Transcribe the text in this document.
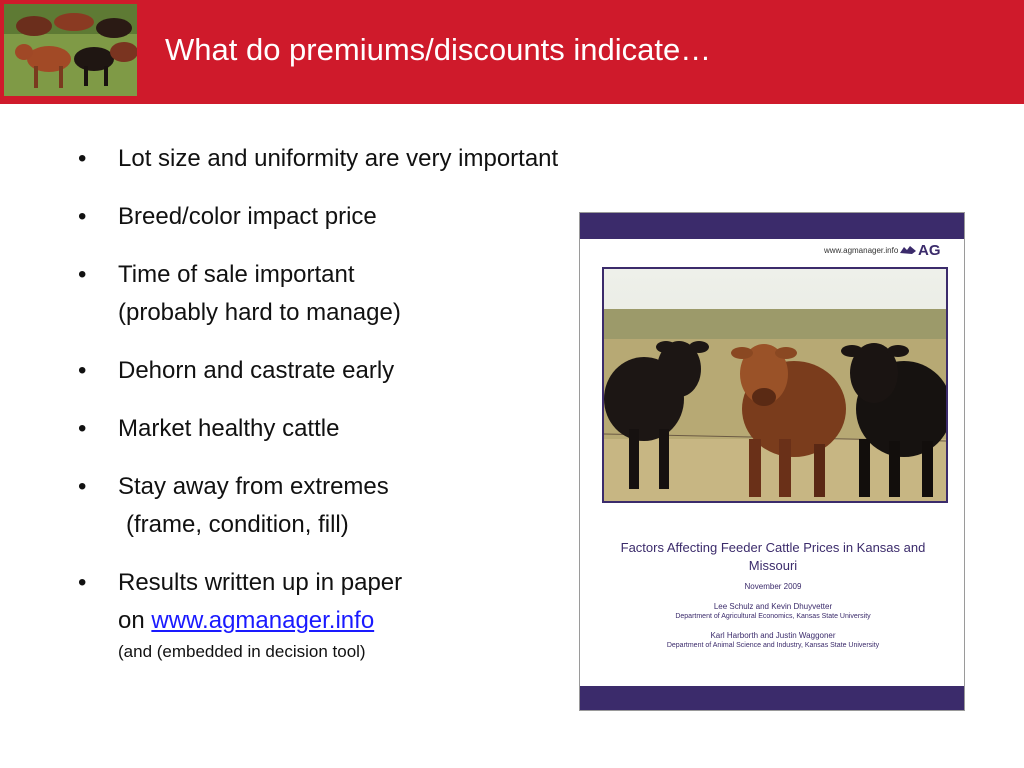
What do premiums/discounts indicate…
•	Lot size and uniformity are very important
•	Breed/color impact price
•	Time of sale important
(probably hard to manage)
•	Dehorn and castrate early
•	Market healthy cattle
•	Stay away from extremes
(frame, condition, fill)
•	Results written up in paper
on www.agmanager.info
(and (embedded in decision tool)
www.agmanager.info AG
Factors Affecting Feeder Cattle Prices in Kansas and Missouri
November 2009
Lee Schulz and Kevin Dhuyvetter
Department of Agricultural Economics, Kansas State University
Karl Harborth and Justin Waggoner
Department of Animal Science and Industry, Kansas State University
